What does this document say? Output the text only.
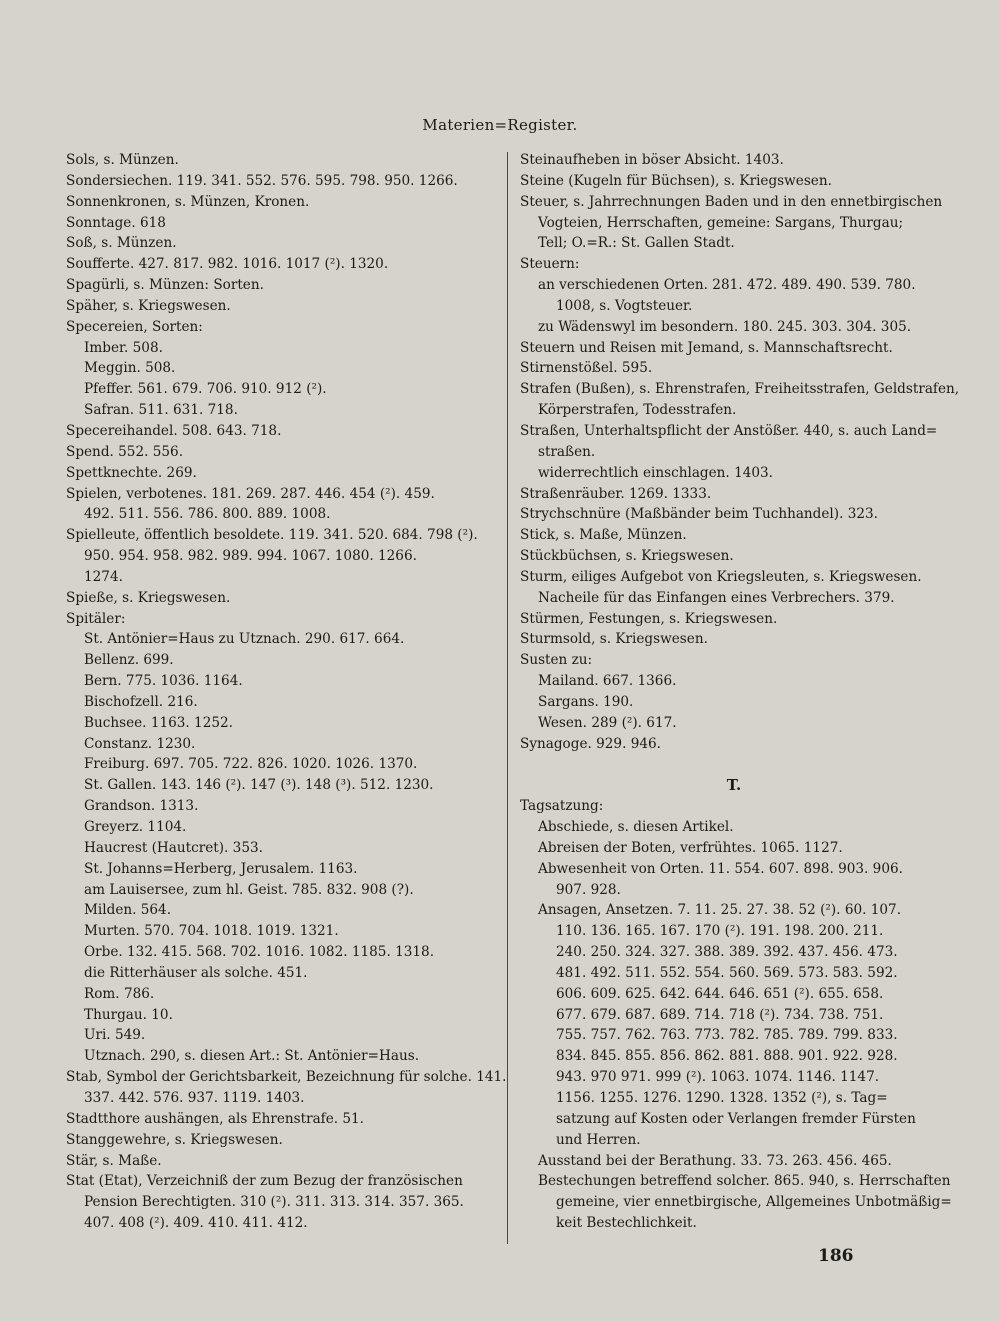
Materien=Register.
Sols, s. Münzen.
Sondersiechen. 119. 341. 552. 576. 595. 798. 950. 1266.
Sonnenkronen, s. Münzen, Kronen.
Sonntage. 618
Soß, s. Münzen.
Soufferte. 427. 817. 982. 1016. 1017 (²). 1320.
Spagürli, s. Münzen: Sorten.
Späher, s. Kriegswesen.
Specereien, Sorten:
Imber. 508.
Meggin. 508.
Pfeffer. 561. 679. 706. 910. 912 (²).
Safran. 511. 631. 718.
Specereihandel. 508. 643. 718.
Spend. 552. 556.
Spettknechte. 269.
Spielen, verbotenes. 181. 269. 287. 446. 454 (²). 459.
492. 511. 556. 786. 800. 889. 1008.
Spielleute, öffentlich besoldete. 119. 341. 520. 684. 798 (²).
950. 954. 958. 982. 989. 994. 1067. 1080. 1266.
1274.
Spieße, s. Kriegswesen.
Spitäler:
St. Antönier=Haus zu Utznach. 290. 617. 664.
Bellenz. 699.
Bern. 775. 1036. 1164.
Bischofzell. 216.
Buchsee. 1163. 1252.
Constanz. 1230.
Freiburg. 697. 705. 722. 826. 1020. 1026. 1370.
St. Gallen. 143. 146 (²). 147 (³). 148 (³). 512. 1230.
Grandson. 1313.
Greyerz. 1104.
Haucrest (Hautcret). 353.
St. Johanns=Herberg, Jerusalem. 1163.
am Lauisersee, zum hl. Geist. 785. 832. 908 (?).
Milden. 564.
Murten. 570. 704. 1018. 1019. 1321.
Orbe. 132. 415. 568. 702. 1016. 1082. 1185. 1318.
die Ritterhäuser als solche. 451.
Rom. 786.
Thurgau. 10.
Uri. 549.
Utznach. 290, s. diesen Art.: St. Antönier=Haus.
Stab, Symbol der Gerichtsbarkeit, Bezeichnung für solche. 141.
337. 442. 576. 937. 1119. 1403.
Stadtthore aushängen, als Ehrenstrafe. 51.
Stanggewehre, s. Kriegswesen.
Stär, s. Maße.
Stat (Etat), Verzeichniß der zum Bezug der französischen
Pension Berechtigten. 310 (²). 311. 313. 314. 357. 365.
407. 408 (²). 409. 410. 411. 412.
Steinaufheben in böser Absicht. 1403.
Steine (Kugeln für Büchsen), s. Kriegswesen.
Steuer, s. Jahrrechnungen Baden und in den ennetbirgischen
Vogteien, Herrschaften, gemeine: Sargans, Thurgau;
Tell; O.=R.: St. Gallen Stadt.
Steuern:
an verschiedenen Orten. 281. 472. 489. 490. 539. 780.
1008, s. Vogtsteuer.
zu Wädenswyl im besondern. 180. 245. 303. 304. 305.
Steuern und Reisen mit Jemand, s. Mannschaftsrecht.
Stirnenstößel. 595.
Strafen (Bußen), s. Ehrenstrafen, Freiheitsstrafen, Geldstrafen,
Körperstrafen, Todesstrafen.
Straßen, Unterhaltspflicht der Anstößer. 440, s. auch Land=
straßen.
widerrechtlich einschlagen. 1403.
Straßenräuber. 1269. 1333.
Strychschnüre (Maßbänder beim Tuchhandel). 323.
Stick, s. Maße, Münzen.
Stückbüchsen, s. Kriegswesen.
Sturm, eiliges Aufgebot von Kriegsleuten, s. Kriegswesen.
Nacheile für das Einfangen eines Verbrechers. 379.
Stürmen, Festungen, s. Kriegswesen.
Sturmsold, s. Kriegswesen.
Susten zu:
Mailand. 667. 1366.
Sargans. 190.
Wesen. 289 (²). 617.
Synagoge. 929. 946.

T.
Tagsatzung:
Abschiede, s. diesen Artikel.
Abreisen der Boten, verfrühtes. 1065. 1127.
Abwesenheit von Orten. 11. 554. 607. 898. 903. 906.
907. 928.
Ansagen, Ansetzen. 7. 11. 25. 27. 38. 52 (²). 60. 107.
110. 136. 165. 167. 170 (²). 191. 198. 200. 211.
240. 250. 324. 327. 388. 389. 392. 437. 456. 473.
481. 492. 511. 552. 554. 560. 569. 573. 583. 592.
606. 609. 625. 642. 644. 646. 651 (²). 655. 658.
677. 679. 687. 689. 714. 718 (²). 734. 738. 751.
755. 757. 762. 763. 773. 782. 785. 789. 799. 833.
834. 845. 855. 856. 862. 881. 888. 901. 922. 928.
943. 970 971. 999 (²). 1063. 1074. 1146. 1147.
1156. 1255. 1276. 1290. 1328. 1352 (²), s. Tag=
satzung auf Kosten oder Verlangen fremder Fürsten
und Herren.
Ausstand bei der Berathung. 33. 73. 263. 456. 465.
Bestechungen betreffend solcher. 865. 940, s. Herrschaften
gemeine, vier ennetbirgische, Allgemeines Unbotmäßig=
keit Bestechlichkeit.
186
